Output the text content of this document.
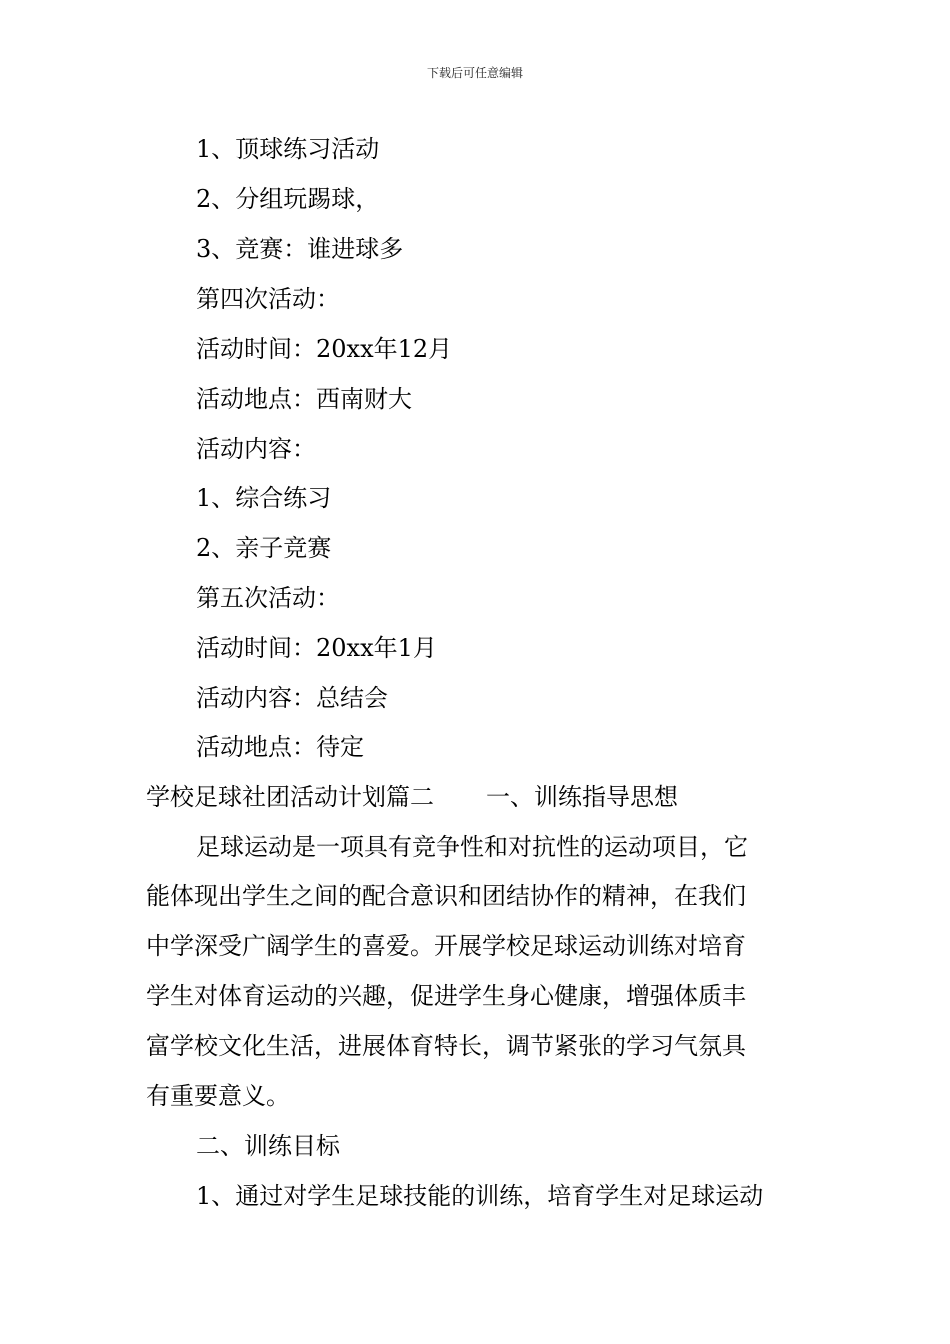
下载后可任意编辑
1、顶球练习活动
2、分组玩踢球，
3、竞赛：谁进球多
第四次活动：
活动时间：20xx年12月
活动地点：西南财大
活动内容：
1、综合练习
2、亲子竞赛
第五次活动：
活动时间：20xx年1月
活动内容：总结会
活动地点：待定
学校足球社团活动计划篇二 一、训练指导思想
足球运动是一项具有竞争性和对抗性的运动项目，它
能体现出学生之间的配合意识和团结协作的精神，在我们
中学深受广阔学生的喜爱。开展学校足球运动训练对培育
学生对体育运动的兴趣，促进学生身心健康，增强体质丰
富学校文化生活，进展体育特长，调节紧张的学习气氛具
有重要意义。
二、训练目标
1、通过对学生足球技能的训练，培育学生对足球运动
